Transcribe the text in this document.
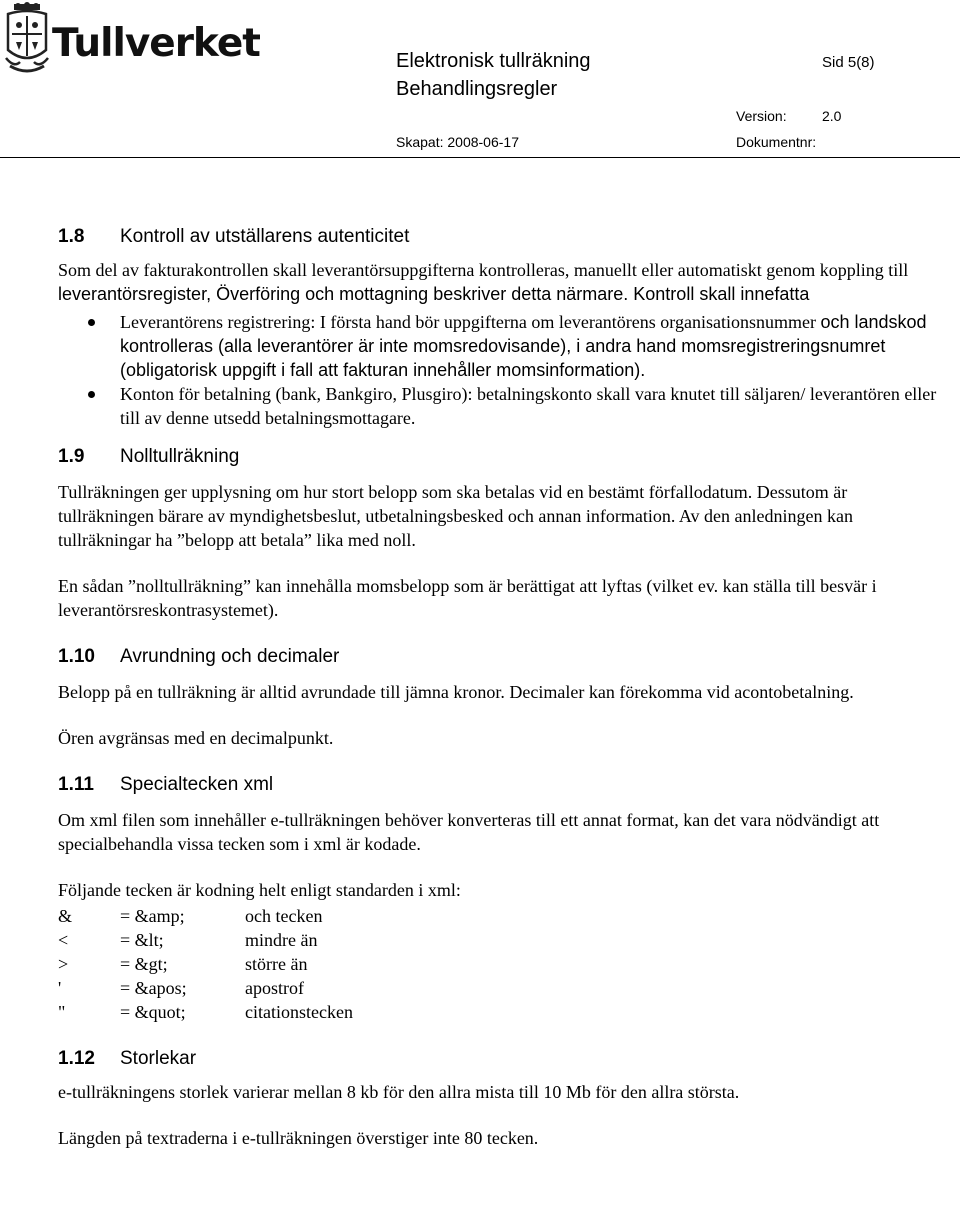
Tullverket	Elektronisk tullräkning
Behandlingsregler
Sid 5(8)
Version:	2.0
Skapat: 2008-06-17	Dokumentnr:
1.8	Kontroll av utställarens autenticitet

Som del av fakturakontrollen skall leverantörsuppgifterna kontrolleras, manuellt eller automatiskt genom koppling till leverantörsregister, Överföring och mottagning beskriver detta närmare. Kontroll skall innefatta

Leverantörens registrering: I första hand bör uppgifterna om leverantörens organisationsnummer och landskod kontrolleras (alla leverantörer är inte momsredovisande), i andra hand momsregistreringsnumret (obligatorisk uppgift i fall att fakturan innehåller momsinformation).
Konton för betalning (bank, Bankgiro, Plusgiro): betalningskonto skall vara knutet till säljaren/ leverantören eller till av denne utsedd betalningsmottagare.
1.9	Nolltullräkning

Tullräkningen ger upplysning om hur stort belopp som ska betalas vid en bestämt förfallodatum. Dessutom är tullräkningen bärare av myndighetsbeslut, utbetalningsbesked och annan information. Av den anledningen kan tullräkningar ha ”belopp att betala” lika med noll.

En sådan ”nolltullräkning” kan innehålla momsbelopp som är berättigat att lyftas (vilket ev. kan ställa till besvär i leverantörsreskontrasystemet).

1.10	Avrundning och decimaler

Belopp på en tullräkning är alltid avrundade till jämna kronor. Decimaler kan förekomma vid acontobetalning.

Ören avgränsas med en decimalpunkt.

1.11	Specialtecken xml

Om xml filen som innehåller e-tullräkningen behöver konverteras till ett annat format, kan det vara nödvändigt att specialbehandla vissa tecken som i xml är kodade.

Följande tecken är kodning helt enligt standarden i xml:

&	= &amp;	och tecken
<	= &lt;	mindre än
>	= &gt;	större än
'	= &apos;	apostrof
"	= &quot;	citationstecken
1.12	Storlekar

e-tullräkningens storlek varierar mellan 8 kb för den allra mista till 10 Mb för den allra största.

Längden på textraderna i e-tullräkningen överstiger inte 80 tecken.
